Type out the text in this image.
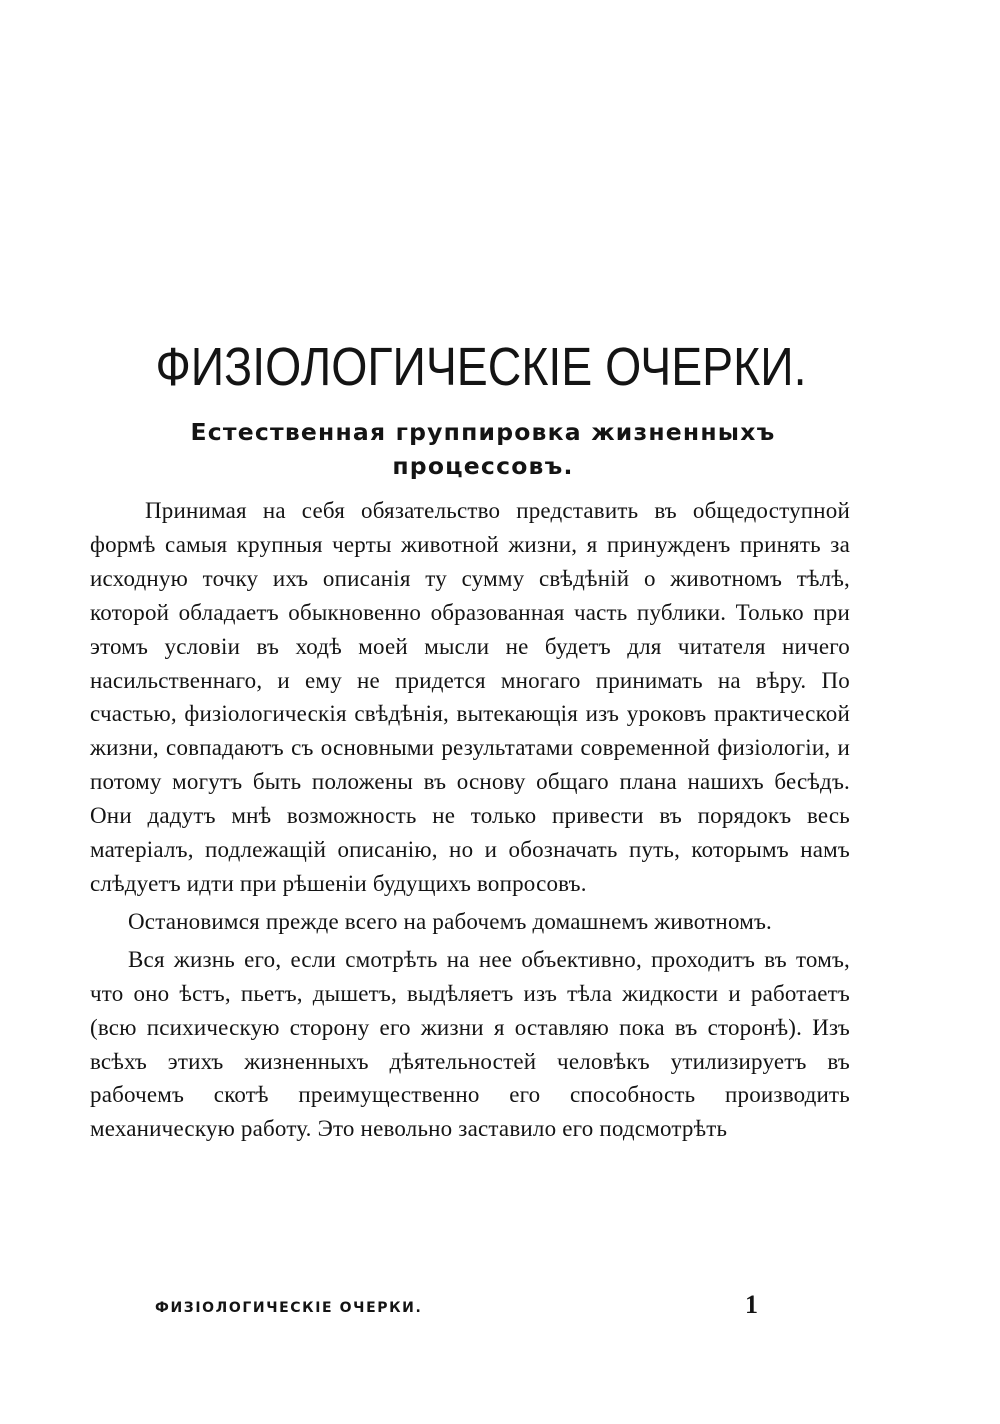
ФИЗІОЛОГИЧЕСКІЕ ОЧЕРКИ.
Естественная группировка жизненныхъ процессовъ.

Принимая на себя обязательство представить въ общедоступной формѣ самыя крупныя черты животной жизни, я принужденъ принять за исходную точку ихъ описанія ту сумму свѣдѣній о животномъ тѣлѣ, которой обладаетъ обыкновенно образованная часть публики. Только при этомъ условіи въ ходѣ моей мысли не будетъ для читателя ничего насильственнаго, и ему не придется многаго принимать на вѣру. По счастью, физіологическія свѣдѣнія, вытекающія изъ уроковъ практической жизни, совпадаютъ съ основными результатами современной физіологіи, и потому могутъ быть положены въ основу общаго плана нашихъ бесѣдъ. Они дадутъ мнѣ возможность не только привести въ порядокъ весь матеріалъ, подлежащій описанію, но и обозначать путь, которымъ намъ слѣдуетъ идти при рѣшеніи будущихъ вопросовъ.

Остановимся прежде всего на рабочемъ домашнемъ животномъ.

Вся жизнь его, если смотрѣть на нее объективно, проходитъ въ томъ, что оно ѣстъ, пьетъ, дышетъ, выдѣляетъ изъ тѣла жидкости и работаетъ (всю психическую сторону его жизни я оставляю пока въ сторонѣ). Изъ всѣхъ этихъ жизненныхъ дѣятельностей человѣкъ утилизируетъ въ рабочемъ скотѣ преимущественно его способность производить механическую работу. Это невольно заставило его подсмотрѣть

ФИЗІОЛОГИЧЕСКІЕ ОЧЕРКИ.	1
